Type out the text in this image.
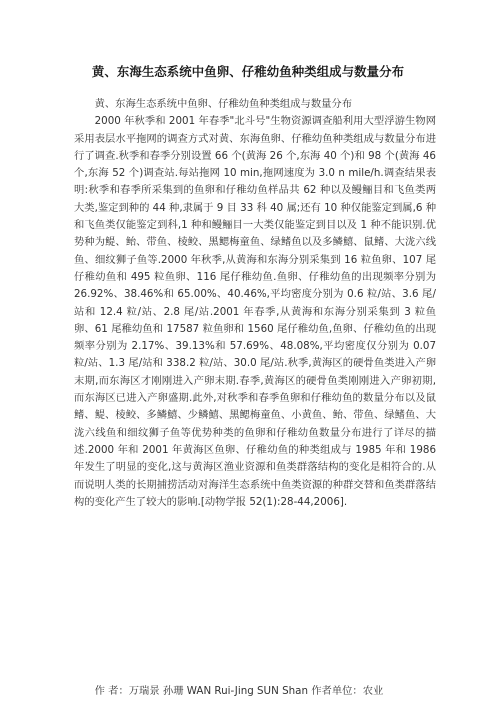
黄、东海生态系统中鱼卵、仔稚幼鱼种类组成与数量分布

黄、东海生态系统中鱼卵、仔稚幼鱼种类组成与数量分布

2000 年秋季和 2001 年春季"北斗号"生物资源调查船利用大型浮游生物网采用表层水平拖网的调查方式对黄、东海鱼卵、仔稚幼鱼种类组成与数量分布进行了调查.秋季和春季分别设置 66 个(黄海 26 个,东海 40 个)和 98 个(黄海 46 个,东海 52 个)调查站.每站拖网 10 min,拖网速度为 3.0 n mile/h.调查结果表明:秋季和春季所采集到的鱼卵和仔稚幼鱼样品共 62 种以及鳗鲡目和飞鱼类两大类,鉴定到种的 44 种,隶属于 9 目 33 科 40 属;还有 10 种仅能鉴定到属,6 种和飞鱼类仅能鉴定到科,1 种和鳗鲡目一大类仅能鉴定到目以及 1 种不能识别.优势种为鳀、鲐、带鱼、棱鲛、黑鳃梅童鱼、绿鳍鱼以及多鳞鱚、鼠鳍、大泷六线鱼、细纹狮子鱼等.2000 年秋季,从黄海和东海分别采集到 16 粒鱼卵、107 尾仔稚幼鱼和 495 粒鱼卵、116 尾仔稚幼鱼.鱼卵、仔稚幼鱼的出现频率分别为 26.92%、38.46%和 65.00%、40.46%,平均密度分别为 0.6 粒/站、3.6 尾/站和 12.4 粒/站、2.8 尾/站.2001 年春季,从黄海和东海分别采集到 3 粒鱼卵、61 尾稚幼鱼和 17587 粒鱼卵和 1560 尾仔稚幼鱼,鱼卵、仔稚幼鱼的出现频率分别为 2.17%、39.13%和 57.69%、48.08%,平均密度仅分别为 0.07 粒/站、1.3 尾/站和 338.2 粒/站、30.0 尾/站.秋季,黄海区的硬骨鱼类进入产卵末期,而东海区才刚刚进入产卵末期.春季,黄海区的硬骨鱼类刚刚进入产卵初期,而东海区已进入产卵盛期.此外,对秋季和春季鱼卵和仔稚幼鱼的数量分布以及鼠鳍、鳀、棱鲛、多鳞鱚、少鳞鱚、黑鳃梅童鱼、小黄鱼、鲐、带鱼、绿鳍鱼、大泷六线鱼和细纹狮子鱼等优势种类的鱼卵和仔稚幼鱼数量分布进行了详尽的描述.2000 年和 2001 年黄海区鱼卵、仔稚幼鱼的种类组成与 1985 年和 1986 年发生了明显的变化,这与黄海区渔业资源和鱼类群落结构的变化是相符合的.从而说明人类的长期捕捞活动对海洋生态系统中鱼类资源的种群交替和鱼类群落结构的变化产生了较大的影响.[动物学报 52(1):28-44,2006].

作 者：万瑞景 孙珊 WAN Rui-Jing SUN Shan 作者单位：农业
